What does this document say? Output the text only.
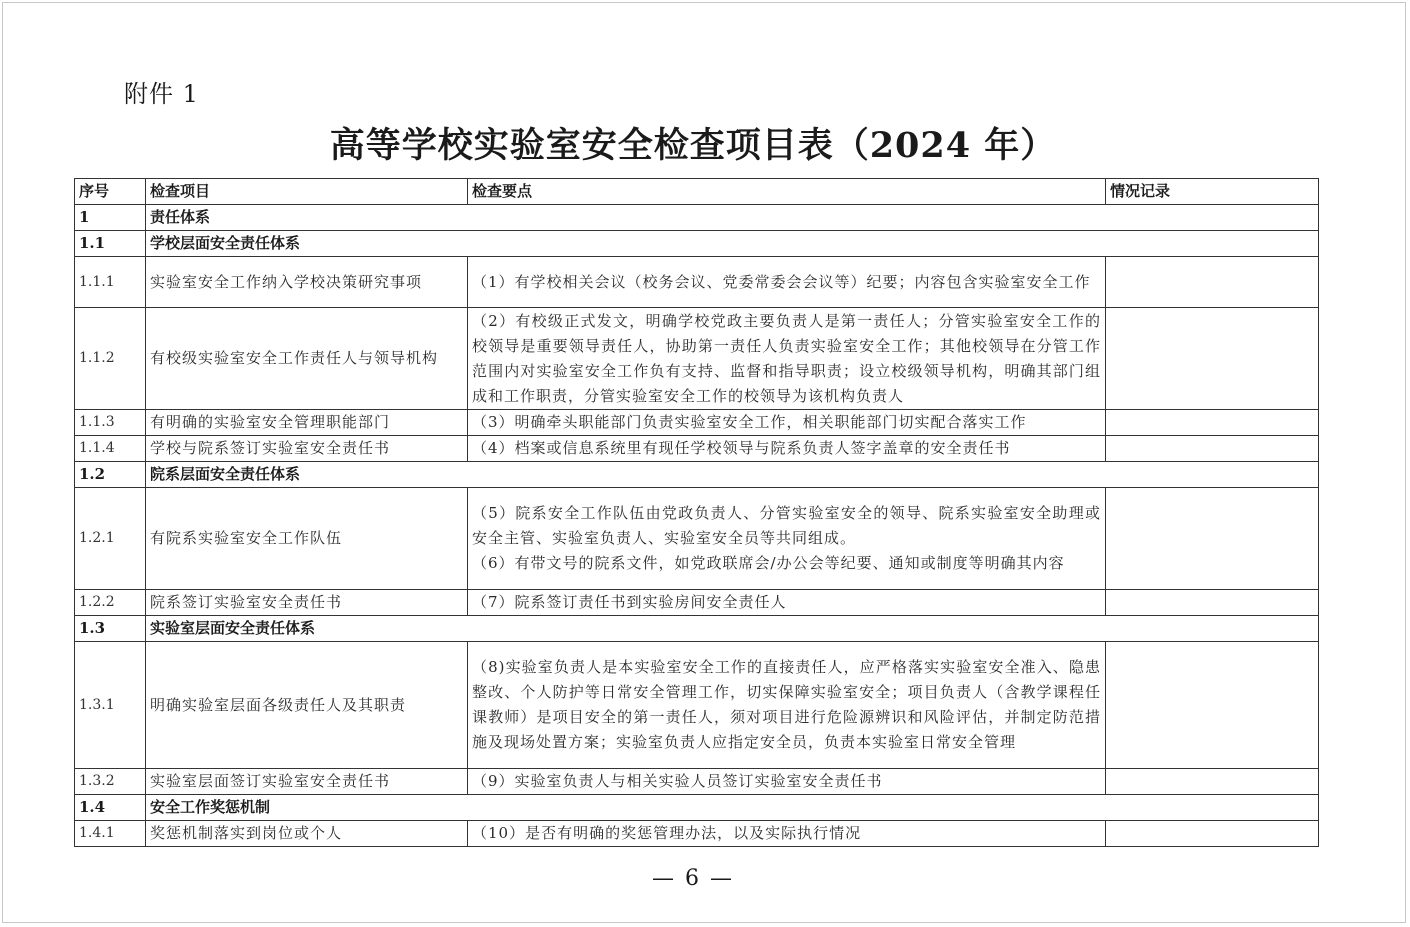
附件 1
高等学校实验室安全检查项目表（2024 年）
序号	检查项目	检查要点	情况记录
1	责任体系		
1.1	学校层面安全责任体系		
1.1.1	实验室安全工作纳入学校决策研究事项	（1）有学校相关会议（校务会议、党委常委会会议等）纪要；内容包含实验室安全工作	
1.1.2	有校级实验室安全工作责任人与领导机构	（2）有校级正式发文，明确学校党政主要负责人是第一责任人；分管实验室安全工作的校领导是重要领导责任人，协助第一责任人负责实验室安全工作；其他校领导在分管工作范围内对实验室安全工作负有支持、监督和指导职责；设立校级领导机构，明确其部门组成和工作职责，分管实验室安全工作的校领导为该机构负责人	
1.1.3	有明确的实验室安全管理职能部门	（3）明确牵头职能部门负责实验室安全工作，相关职能部门切实配合落实工作	
1.1.4	学校与院系签订实验室安全责任书	（4）档案或信息系统里有现任学校领导与院系负责人签字盖章的安全责任书	
1.2	院系层面安全责任体系		
1.2.1	有院系实验室安全工作队伍	（5）院系安全工作队伍由党政负责人、分管实验室安全的领导、院系实验室安全助理或安全主管、实验室负责人、实验室安全员等共同组成。
（6）有带文号的院系文件，如党政联席会/办公会等纪要、通知或制度等明确其内容	

1.2.2	院系签订实验室安全责任书	（7）院系签订责任书到实验房间安全责任人	
1.3	实验室层面安全责任体系		
1.3.1	明确实验室层面各级责任人及其职责	（8)实验室负责人是本实验室安全工作的直接责任人，应严格落实实验室安全准入、隐患整改、个人防护等日常安全管理工作，切实保障实验室安全；项目负责人（含教学课程任课教师）是项目安全的第一责任人，须对项目进行危险源辨识和风险评估，并制定防范措施及现场处置方案；实验室负责人应指定安全员，负责本实验室日常安全管理	
1.3.2	实验室层面签订实验室安全责任书	（9）实验室负责人与相关实验人员签订实验室安全责任书	
1.4	安全工作奖惩机制		
1.4.1	奖惩机制落实到岗位或个人	（10）是否有明确的奖惩管理办法，以及实际执行情况	
— 6 —
